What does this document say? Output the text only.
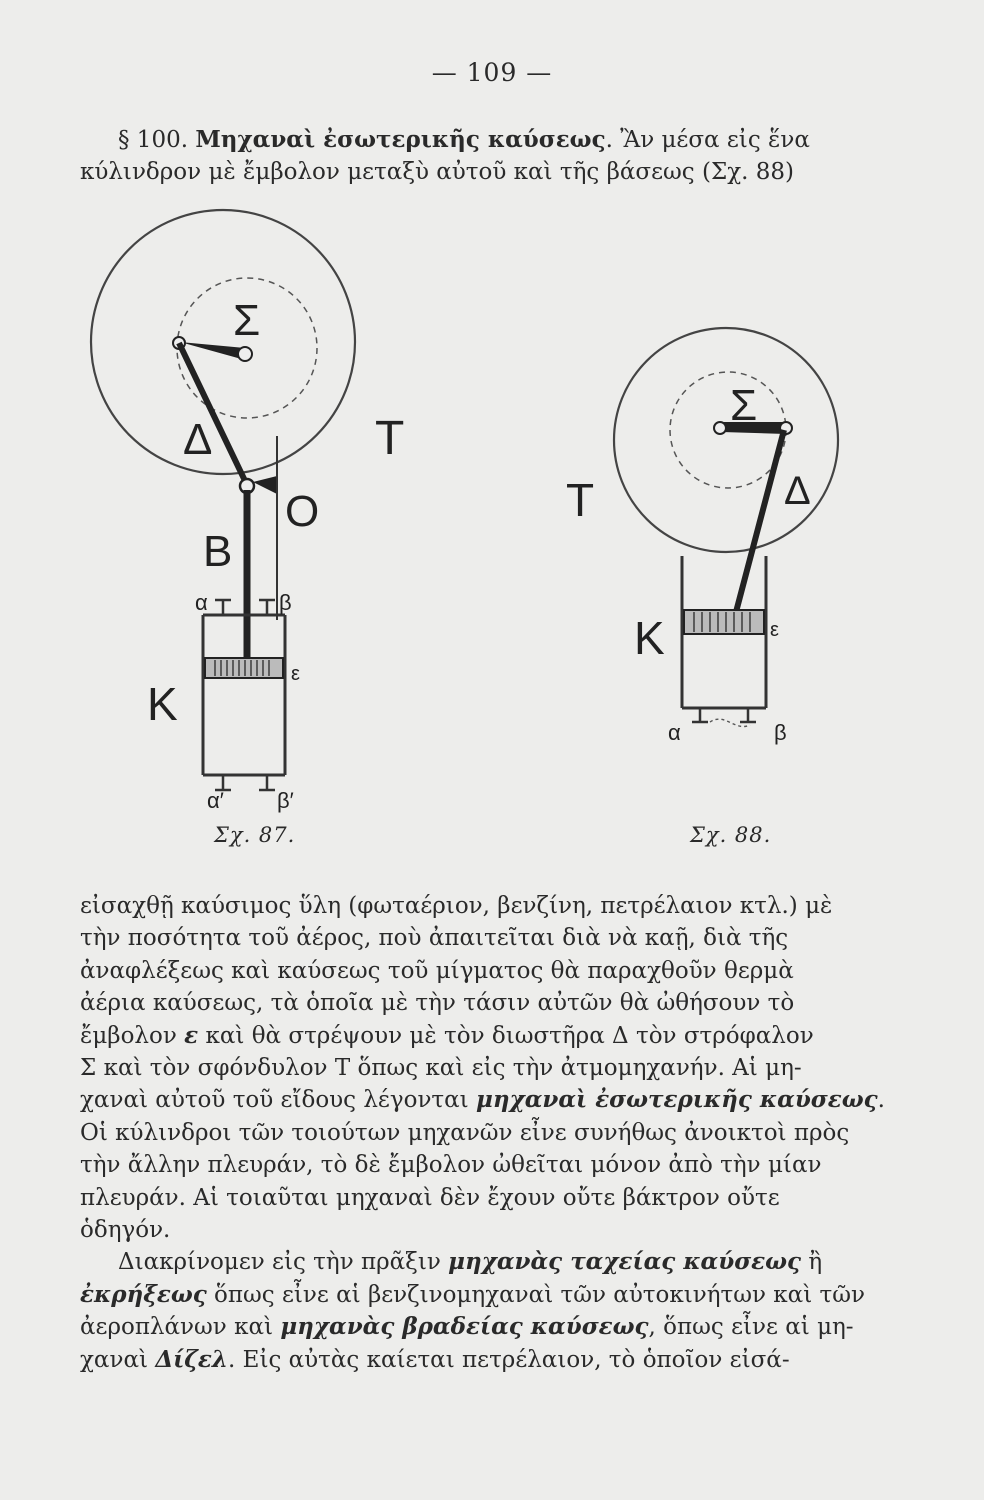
— 109 —
§ 100. Μηχαναὶ ἐσωτερικῆς καύσεως. Ἂν μέσα εἰς ἕνα
κύλινδρον μὲ ἔμβολον μεταξὺ αὐτοῦ καὶ τῆς βάσεως (Σχ. 88)
Σ
Δ	Τ
Ο
Β
Κ
α	β
ε
α′ β′
Σχ. 87.
Σ
Δ
Τ
Κ	ε
α	β
Σχ. 88.
εἰσαχθῇ καύσιμος ὕλη (φωταέριον, βενζίνη, πετρέλαιον κτλ.) μὲ
τὴν ποσότητα τοῦ ἀέρος, ποὺ ἀπαιτεῖται διὰ νὰ καῇ, διὰ τῆς
ἀναφλέξεως καὶ καύσεως τοῦ μίγματος θὰ παραχθοῦν θερμὰ
ἀέρια καύσεως, τὰ ὁποῖα μὲ τὴν τάσιν αὐτῶν θὰ ὠθήσουν τὸ
ἔμβολον ε καὶ θὰ στρέψουν μὲ τὸν διωστῆρα Δ τὸν στρόφαλον
Σ καὶ τὸν σφόνδυλον Τ ὅπως καὶ εἰς τὴν ἀτμομηχανήν. Αἱ μη-
χαναὶ αὐτοῦ τοῦ εἴδους λέγονται μηχαναὶ ἐσωτερικῆς καύσεως.
Οἱ κύλινδροι τῶν τοιούτων μηχανῶν εἶνε συνήθως ἀνοικτοὶ πρὸς
τὴν ἄλλην πλευράν, τὸ δὲ ἔμβολον ὠθεῖται μόνον ἀπὸ τὴν μίαν
πλευράν. Αἱ τοιαῦται μηχαναὶ δὲν ἔχουν οὔτε βάκτρον οὔτε
ὁδηγόν.
Διακρίνομεν εἰς τὴν πρᾶξιν μηχανὰς ταχείας καύσεως ἢ
ἐκρήξεως ὅπως εἶνε αἱ βενζινομηχαναὶ τῶν αὐτοκινήτων καὶ τῶν
ἀεροπλάνων καὶ μηχανὰς βραδείας καύσεως, ὅπως εἶνε αἱ μη-
χαναὶ Δίζελ. Εἰς αὐτὰς καίεται πετρέλαιον, τὸ ὁποῖον εἰσά-
